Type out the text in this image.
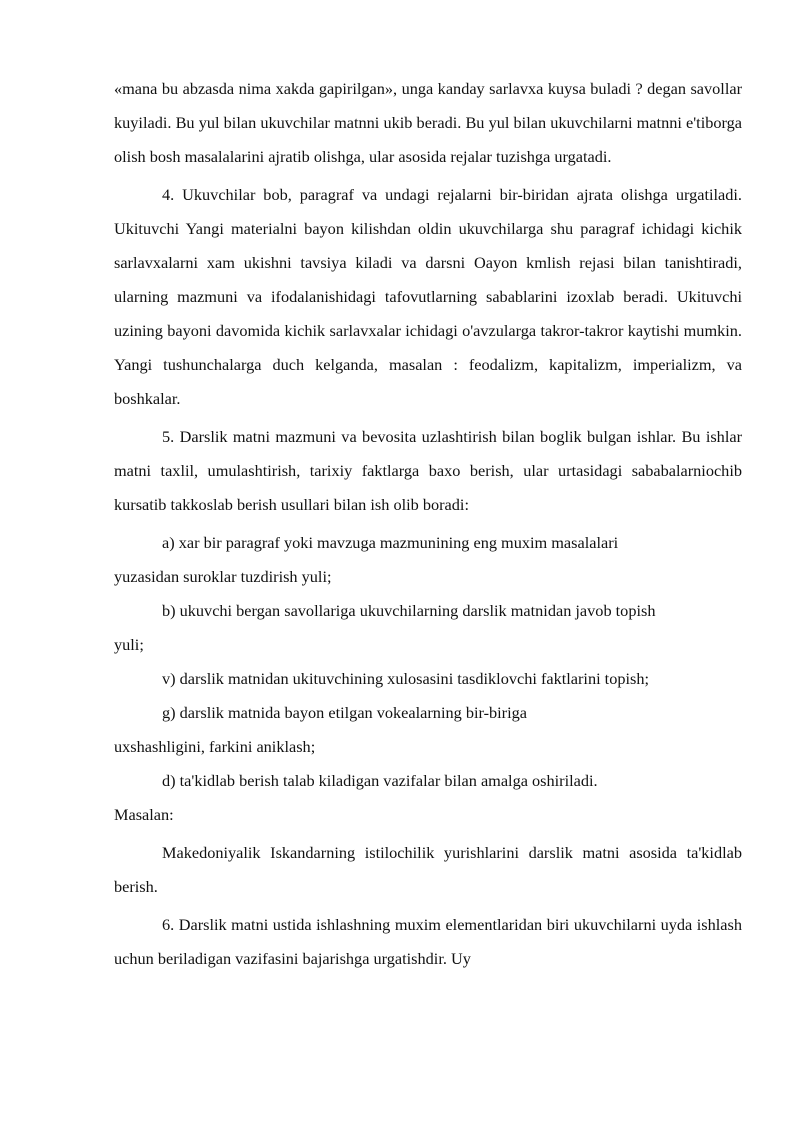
«mana bu abzasda nima xakda gapirilgan», unga kanday sarlavxa kuysa buladi ? degan savollar kuyiladi. Bu yul bilan ukuvchilar matnni ukib beradi. Bu yul bilan ukuvchilarni matnni e'tiborga olish bosh masalalarini ajratib olishga, ular asosida rejalar tuzishga urgatadi.

4. Ukuvchilar bob, paragraf va undagi rejalarni bir-biridan ajrata olishga urgatiladi. Ukituvchi Yangi materialni bayon kilishdan oldin ukuvchilarga shu paragraf ichidagi kichik sarlavxalarni xam ukishni tavsiya kiladi va darsni Oayon kmlish rejasi bilan tanishtiradi, ularning mazmuni va ifodalanishidagi tafovutlarning sabablarini izoxlab beradi. Ukituvchi uzining bayoni davomida kichik sarlavxalar ichidagi o'avzularga takror-takror kaytishi mumkin. Yangi tushunchalarga duch kelganda, masalan : feodalizm, kapitalizm, imperializm, va boshkalar.

5. Darslik matni mazmuni va bevosita uzlashtirish bilan boglik bulgan ishlar. Bu ishlar matni taxlil, umulashtirish, tarixiy faktlarga baxo berish, ular urtasidagi sababalarniochib kursatib takkoslab berish usullari bilan ish olib boradi:

a) xar bir paragraf yoki mavzuga mazmunining eng muxim masalalari
yuzasidan suroklar tuzdirish yuli;
b) ukuvchi bergan savollariga ukuvchilarning darslik matnidan javob topish
yuli;
v) darslik matnidan ukituvchining xulosasini tasdiklovchi faktlarini topish;
g) darslik matnida bayon etilgan vokealarning bir-biriga
uxshashligini, farkini aniklash;
d) ta'kidlab berish talab kiladigan vazifalar bilan amalga oshiriladi.
Masalan:

Makedoniyalik Iskandarning istilochilik yurishlarini darslik matni asosida ta'kidlab berish.

6. Darslik matni ustida ishlashning muxim elementlaridan biri ukuvchilarni uyda ishlash uchun beriladigan vazifasini bajarishga urgatishdir. Uy
